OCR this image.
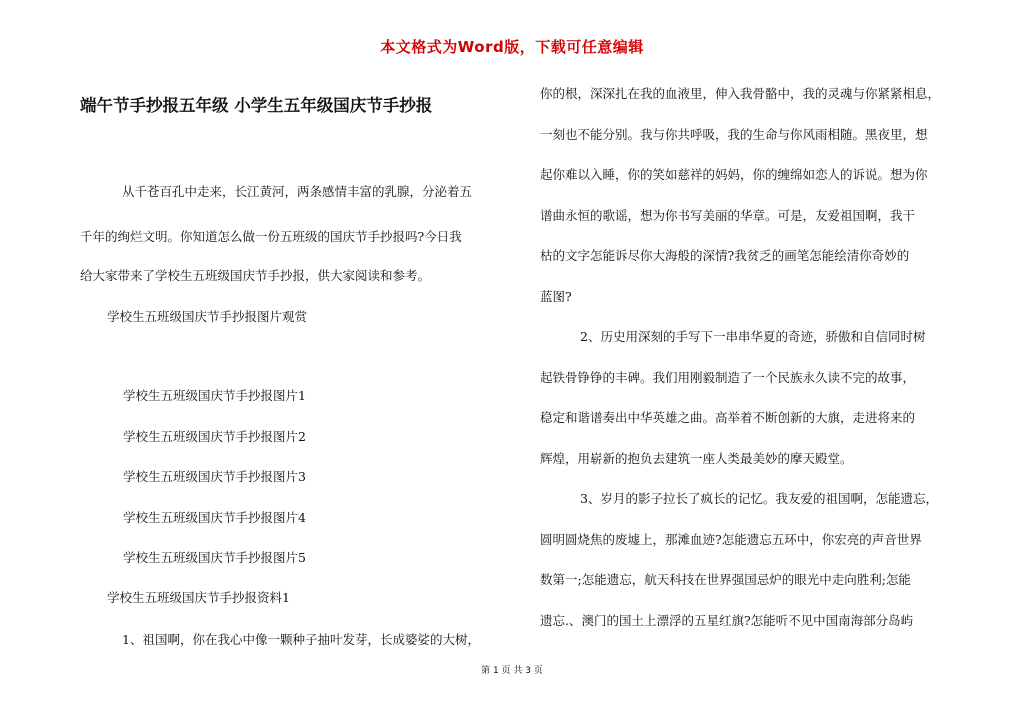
本文格式为Word版，下载可任意编辑
端午节手抄报五年级 小学生五年级国庆节手抄报
从千苍百孔中走来，长江黄河，两条感情丰富的乳腺，分泌着五
千年的绚烂文明。你知道怎么做一份五班级的国庆节手抄报吗?今日我
给大家带来了学校生五班级国庆节手抄报，供大家阅读和参考。
学校生五班级国庆节手抄报图片观赏
学校生五班级国庆节手抄报图片1
学校生五班级国庆节手抄报图片2
学校生五班级国庆节手抄报图片3
学校生五班级国庆节手抄报图片4
学校生五班级国庆节手抄报图片5
学校生五班级国庆节手抄报资料1
1、祖国啊，你在我心中像一颗种子抽叶发芽，长成婆娑的大树，
你的根，深深扎在我的血液里，伸入我骨骼中，我的灵魂与你紧紧相息，
一刻也不能分别。我与你共呼吸，我的生命与你风雨相随。黑夜里，想
起你难以入睡，你的笑如慈祥的妈妈，你的缠绵如恋人的诉说。想为你
谱曲永恒的歌谣，想为你书写美丽的华章。可是，友爱祖国啊，我干
枯的文字怎能诉尽你大海般的深情?我贫乏的画笔怎能绘清你奇妙的
蓝图?
2、历史用深刻的手写下一串串华夏的奇迹，骄傲和自信同时树
起铁骨铮铮的丰碑。我们用刚毅制造了一个民族永久读不完的故事，
稳定和谐谱奏出中华英雄之曲。高举着不断创新的大旗，走进将来的
辉煌，用崭新的抱负去建筑一座人类最美妙的摩天殿堂。
3、岁月的影子拉长了疯长的记忆。我友爱的祖国啊，怎能遗忘，
圆明圆烧焦的废墟上，那滩血迹?怎能遗忘五环中，你宏亮的声音世界
数第一;怎能遗忘，航天科技在世界强国忌炉的眼光中走向胜利;怎能
遗忘.、澳门的国土上漂浮的五星红旗?怎能听不见中国南海部分岛屿
第 1 页 共 3 页
